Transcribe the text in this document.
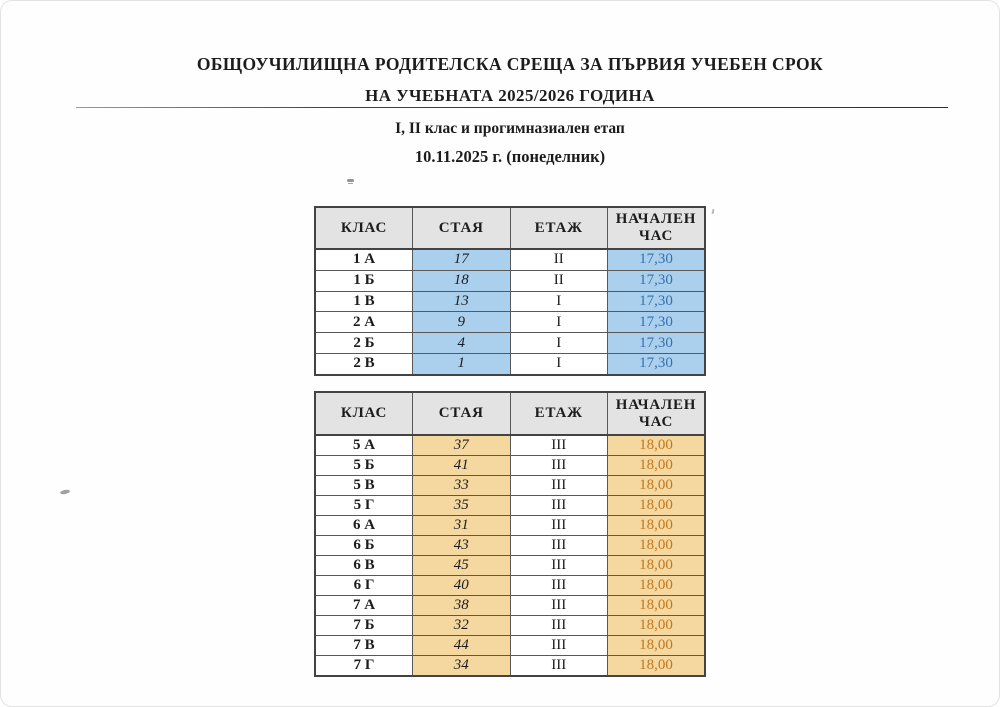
ОБЩОУЧИЛИЩНА РОДИТЕЛСКА СРЕЩА ЗА ПЪРВИЯ УЧЕБЕН СРОК
НА УЧЕБНАТА 2025/2026 ГОДИНА
I, II клас и прогимназиален етап
10.11.2025 г. (понеделник)
КЛАС	СТАЯ	ЕТАЖ	НАЧАЛЕН ЧАС
1 А	17	II	17,30
1 Б	18	II	17,30
1 В	13	I	17,30
2 А	9	I	17,30
2 Б	4	I	17,30
2 В	1	I	17,30
КЛАС	СТАЯ	ЕТАЖ	НАЧАЛЕН ЧАС
5 А	37	III	18,00
5 Б	41	III	18,00
5 В	33	III	18,00
5 Г	35	III	18,00
6 А	31	III	18,00
6 Б	43	III	18,00
6 В	45	III	18,00
6 Г	40	III	18,00
7 А	38	III	18,00
7 Б	32	III	18,00
7 В	44	III	18,00
7 Г	34	III	18,00
